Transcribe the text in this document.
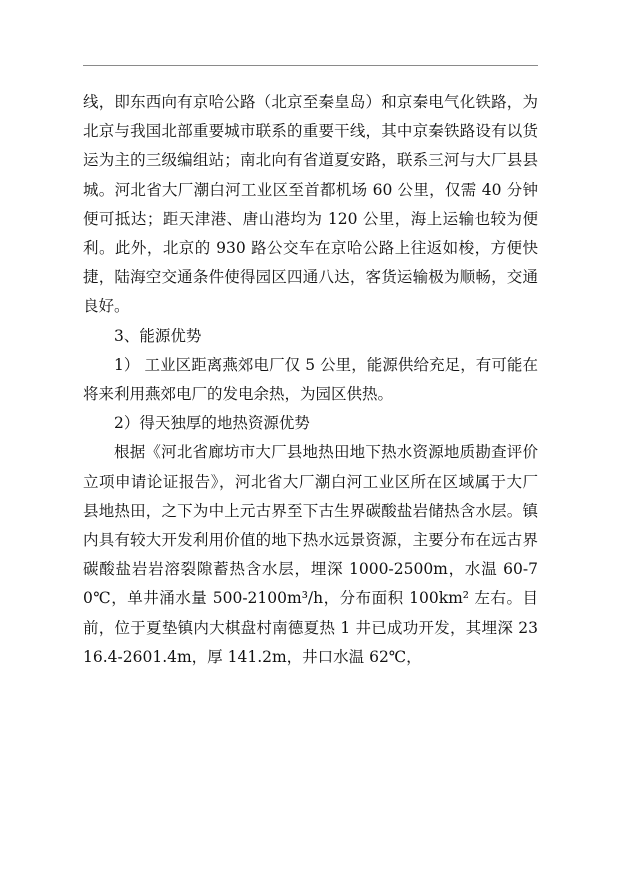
线，即东西向有京哈公路（北京至秦皇岛）和京秦电气化铁路，为北京与我国北部重要城市联系的重要干线，其中京秦铁路设有以货运为主的三级编组站；南北向有省道夏安路，联系三河与大厂县县城。河北省大厂潮白河工业区至首都机场 60 公里，仅需 40 分钟便可抵达；距天津港、唐山港均为 120 公里，海上运输也较为便利。此外，北京的 930 路公交车在京哈公路上往返如梭，方便快捷，陆海空交通条件使得园区四通八达，客货运输极为顺畅，交通良好。

3、能源优势

1） 工业区距离燕郊电厂仅 5 公里，能源供给充足，有可能在将来利用燕郊电厂的发电余热，为园区供热。

2）得天独厚的地热资源优势

根据《河北省廊坊市大厂县地热田地下热水资源地质勘查评价立项申请论证报告》，河北省大厂潮白河工业区所在区域属于大厂县地热田，之下为中上元古界至下古生界碳酸盐岩储热含水层。镇内具有较大开发利用价值的地下热水远景资源，主要分布在远古界碳酸盐岩岩溶裂隙蓄热含水层，埋深 1000-2500m，水温 60-70℃，单井涌水量 500-2100m³/h，分布面积 100km² 左右。目前，位于夏垫镇内大棋盘村南德夏热 1 井已成功开发，其埋深 2316.4-2601.4m，厚 141.2m，井口水温 62℃，
